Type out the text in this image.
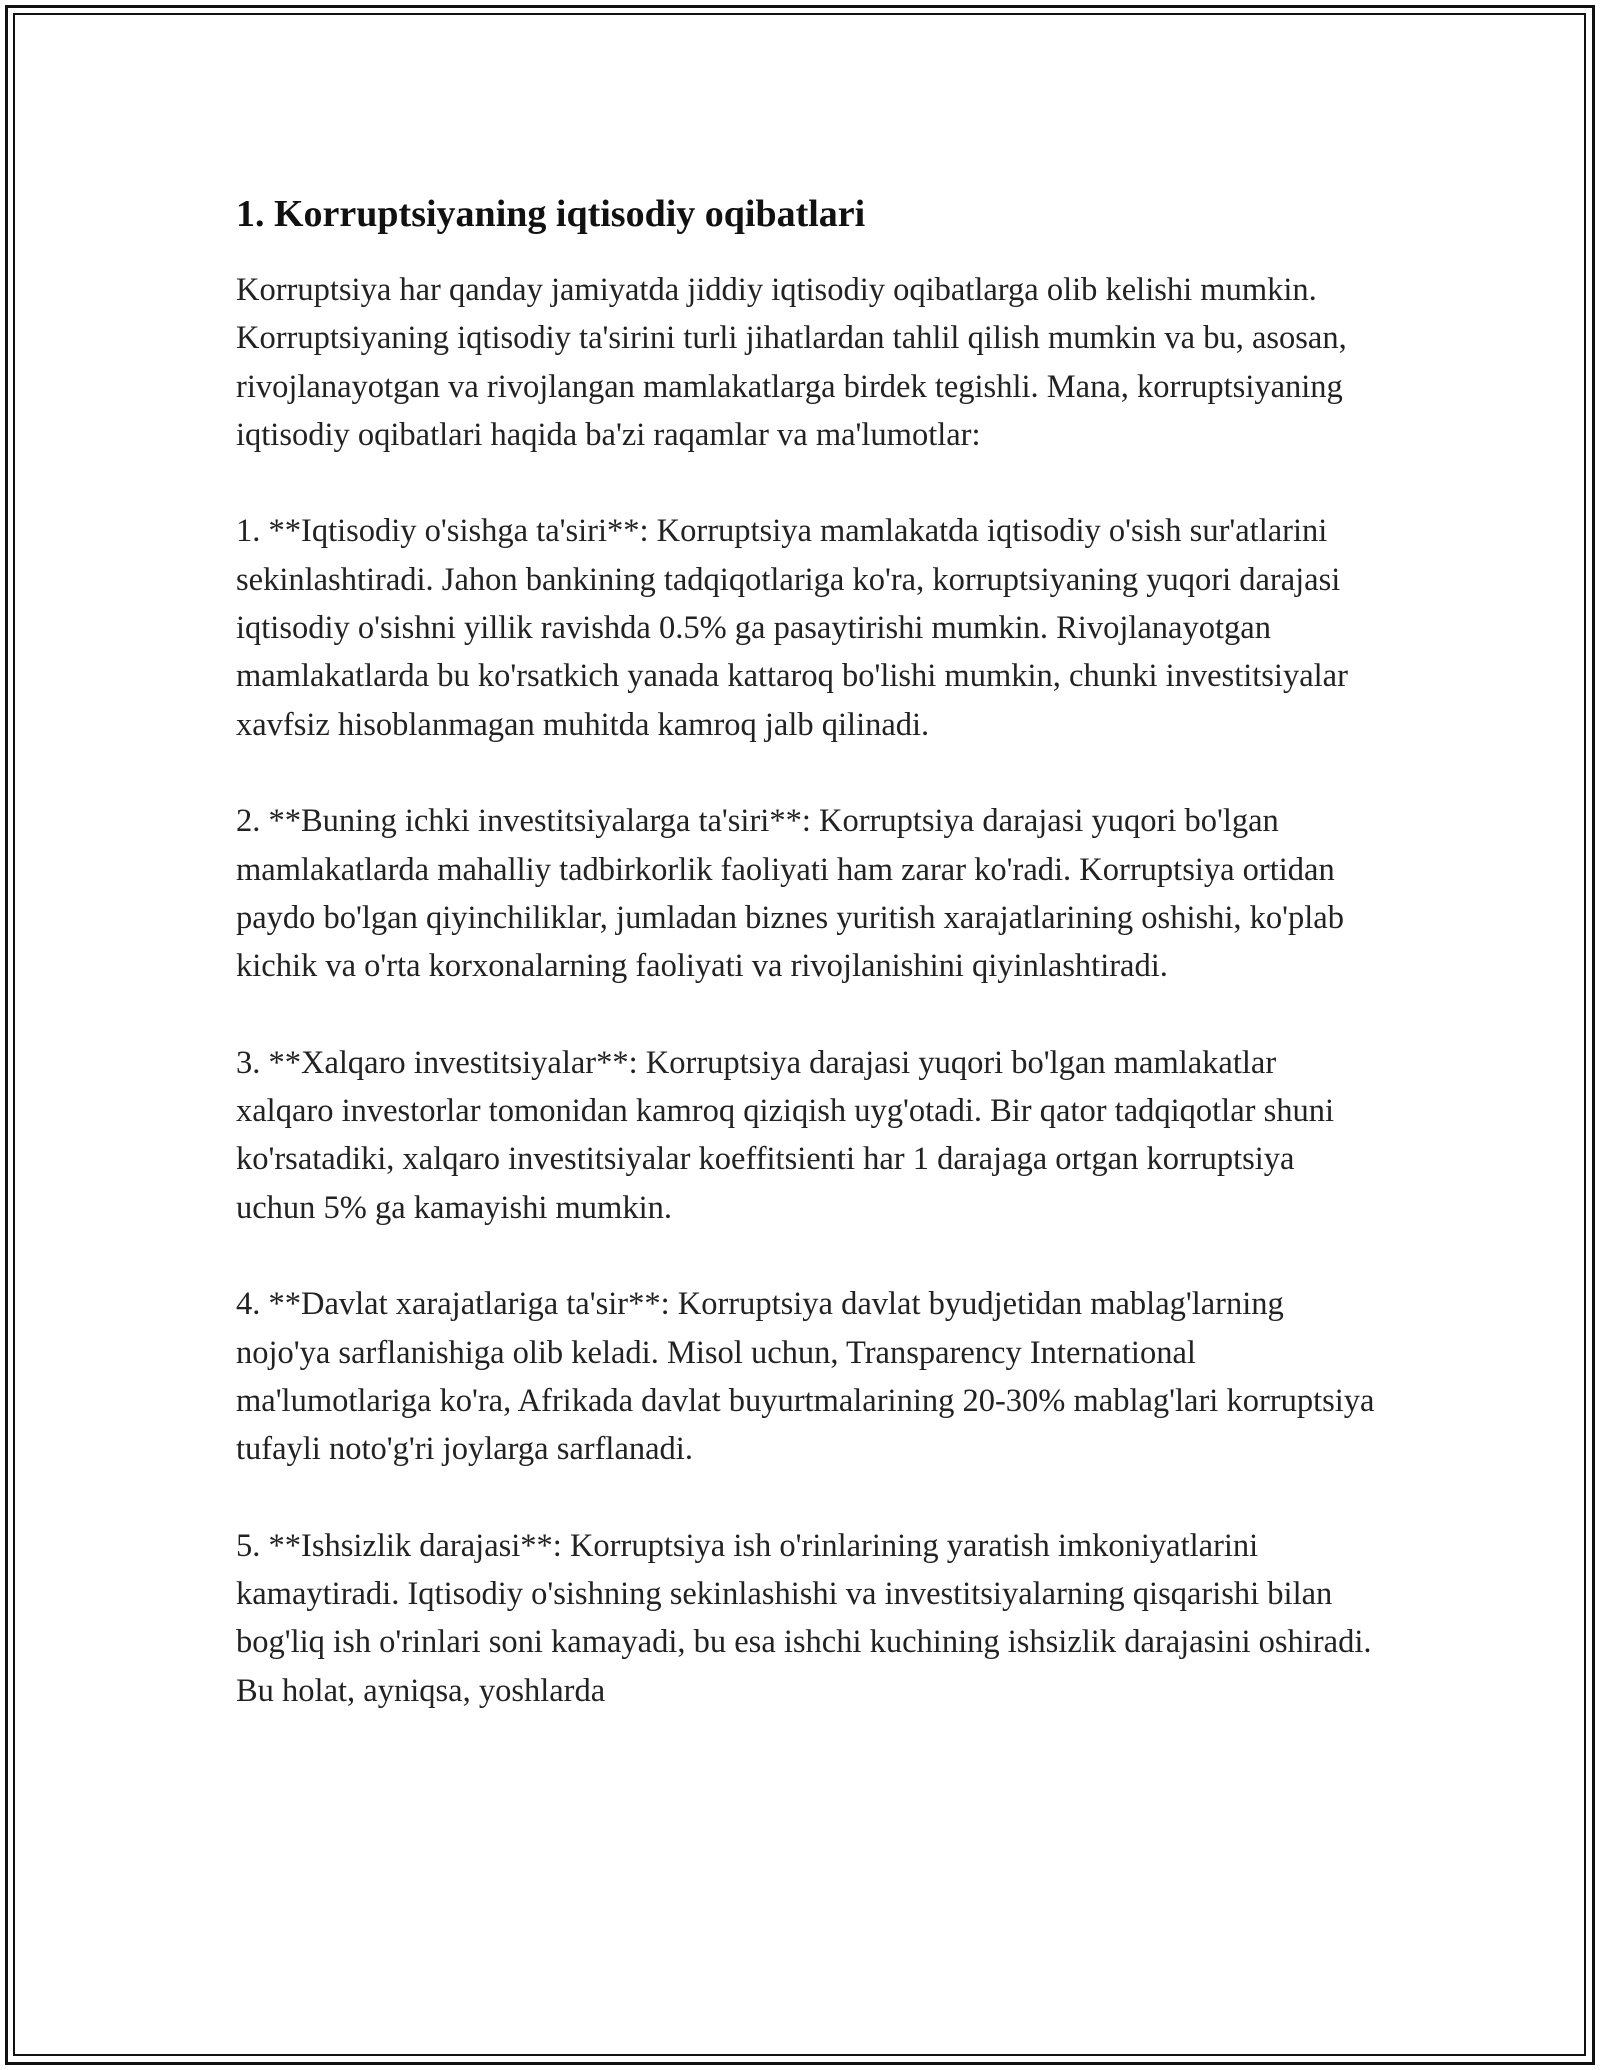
1. Korruptsiyaning iqtisodiy oqibatlari

Korruptsiya har qanday jamiyatda jiddiy iqtisodiy oqibatlarga olib kelishi mumkin. Korruptsiyaning iqtisodiy ta'sirini turli jihatlardan tahlil qilish mumkin va bu, asosan, rivojlanayotgan va rivojlangan mamlakatlarga birdek tegishli. Mana, korruptsiyaning iqtisodiy oqibatlari haqida ba'zi raqamlar va ma'lumotlar:

1. **Iqtisodiy o'sishga ta'siri**: Korruptsiya mamlakatda iqtisodiy o'sish sur'atlarini sekinlashtiradi. Jahon bankining tadqiqotlariga ko'ra, korruptsiyaning yuqori darajasi iqtisodiy o'sishni yillik ravishda 0.5% ga pasaytirishi mumkin. Rivojlanayotgan mamlakatlarda bu ko'rsatkich yanada kattaroq bo'lishi mumkin, chunki investitsiyalar xavfsiz hisoblanmagan muhitda kamroq jalb qilinadi.

2. **Buning ichki investitsiyalarga ta'siri**: Korruptsiya darajasi yuqori bo'lgan mamlakatlarda mahalliy tadbirkorlik faoliyati ham zarar ko'radi. Korruptsiya ortidan paydo bo'lgan qiyinchiliklar, jumladan biznes yuritish xarajatlarining oshishi, ko'plab kichik va o'rta korxonalarning faoliyati va rivojlanishini qiyinlashtiradi.

3. **Xalqaro investitsiyalar**: Korruptsiya darajasi yuqori bo'lgan mamlakatlar xalqaro investorlar tomonidan kamroq qiziqish uyg'otadi. Bir qator tadqiqotlar shuni ko'rsatadiki, xalqaro investitsiyalar koeffitsienti har 1 darajaga ortgan korruptsiya uchun 5% ga kamayishi mumkin.

4. **Davlat xarajatlariga ta'sir**: Korruptsiya davlat byudjetidan mablag'larning nojo'ya sarflanishiga olib keladi. Misol uchun, Transparency International ma'lumotlariga ko'ra, Afrikada davlat buyurtmalarining 20-30% mablag'lari korruptsiya tufayli noto'g'ri joylarga sarflanadi.

5. **Ishsizlik darajasi**: Korruptsiya ish o'rinlarining yaratish imkoniyatlarini kamaytiradi. Iqtisodiy o'sishning sekinlashishi va investitsiyalarning qisqarishi bilan bog'liq ish o'rinlari soni kamayadi, bu esa ishchi kuchining ishsizlik darajasini oshiradi. Bu holat, ayniqsa, yoshlarda
